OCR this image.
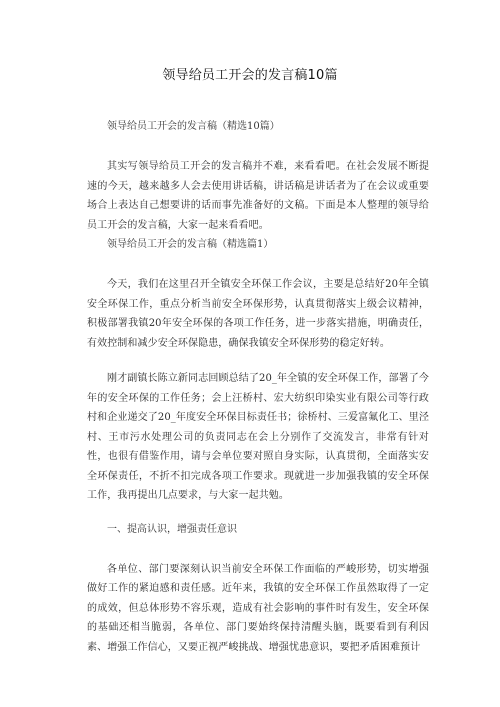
领导给员工开会的发言稿10篇

领导给员工开会的发言稿（精选10篇）

其实写领导给员工开会的发言稿并不难，来看看吧。在社会发展不断提速的今天，越来越多人会去使用讲话稿，讲话稿是讲话者为了在会议或重要场合上表达自己想要讲的话而事先准备好的文稿。下面是本人整理的领导给员工开会的发言稿，大家一起来看看吧。

领导给员工开会的发言稿（精选篇1）

今天，我们在这里召开全镇安全环保工作会议，主要是总结好20年全镇安全环保工作，重点分析当前安全环保形势，认真贯彻落实上级会议精神，积极部署我镇20年安全环保的各项工作任务，进一步落实措施，明确责任，有效控制和减少安全环保隐患，确保我镇安全环保形势的稳定好转。

刚才副镇长陈立新同志回顾总结了20_年全镇的安全环保工作，部署了今年的安全环保的工作任务；会上汪桥村、宏大纺织印染实业有限公司等行政村和企业递交了20_年度安全环保目标责任书；徐桥村、三爱富氟化工、里泾村、王市污水处理公司的负责同志在会上分别作了交流发言，非常有针对性，也很有借鉴作用，请与会单位要对照自身实际，认真贯彻，全面落实安全环保责任，不折不扣完成各项工作要求。现就进一步加强我镇的安全环保工作，我再提出几点要求，与大家一起共勉。

一、提高认识，增强责任意识

各单位、部门要深刻认识当前安全环保工作面临的严峻形势，切实增强做好工作的紧迫感和责任感。近年来，我镇的安全环保工作虽然取得了一定的成效，但总体形势不容乐观，造成有社会影响的事件时有发生，安全环保的基础还相当脆弱，各单位、部门要始终保持清醒头脑，既要看到有利因素、增强工作信心，又要正视严峻挑战、增强忧患意识，要把矛盾困难预计
